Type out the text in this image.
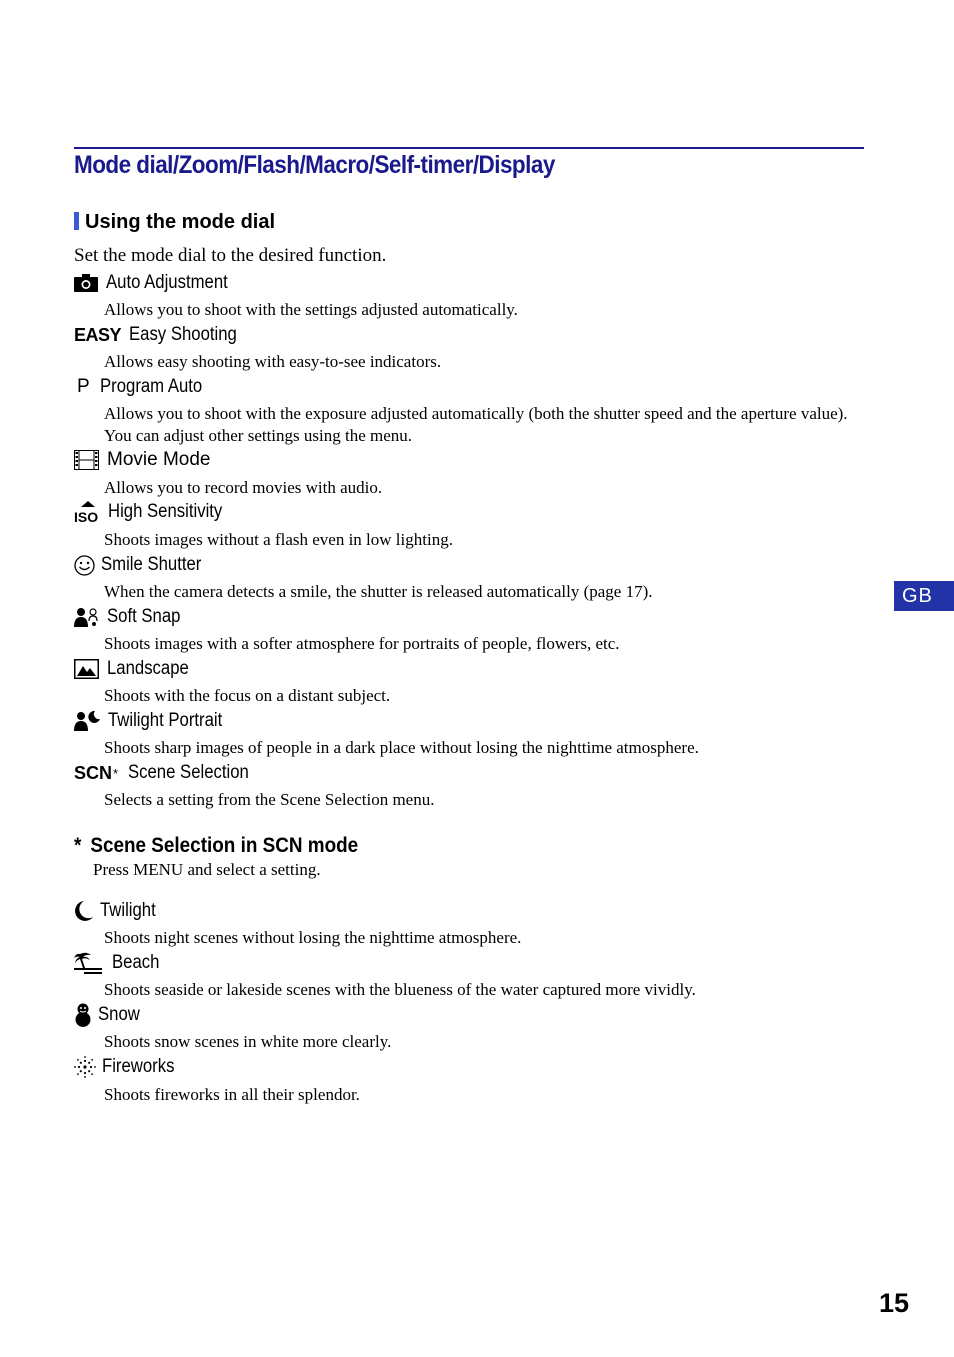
Mode dial/Zoom/Flash/Macro/Self-timer/Display
Using the mode dial
Set the mode dial to the desired function.
Auto Adjustment
Allows you to shoot with the settings adjusted automatically.
EASY Easy Shooting
Allows easy shooting with easy-to-see indicators.
P Program Auto
Allows you to shoot with the exposure adjusted automatically (both the shutter speed and the aperture value). You can adjust other settings using the menu.
Movie Mode
Allows you to record movies with audio.
ISO High Sensitivity
Shoots images without a flash even in low lighting.
Smile Shutter
When the camera detects a smile, the shutter is released automatically (page 17).
Soft Snap
Shoots images with a softer atmosphere for portraits of people, flowers, etc.
Landscape
Shoots with the focus on a distant subject.
Twilight Portrait
Shoots sharp images of people in a dark place without losing the nighttime atmosphere.
SCN * Scene Selection
Selects a setting from the Scene Selection menu.
* Scene Selection in SCN mode
Press MENU and select a setting.
Twilight
Shoots night scenes without losing the nighttime atmosphere.
Beach
Shoots seaside or lakeside scenes with the blueness of the water captured more vividly.
Snow
Shoots snow scenes in white more clearly.
Fireworks
Shoots fireworks in all their splendor.
GB
15
